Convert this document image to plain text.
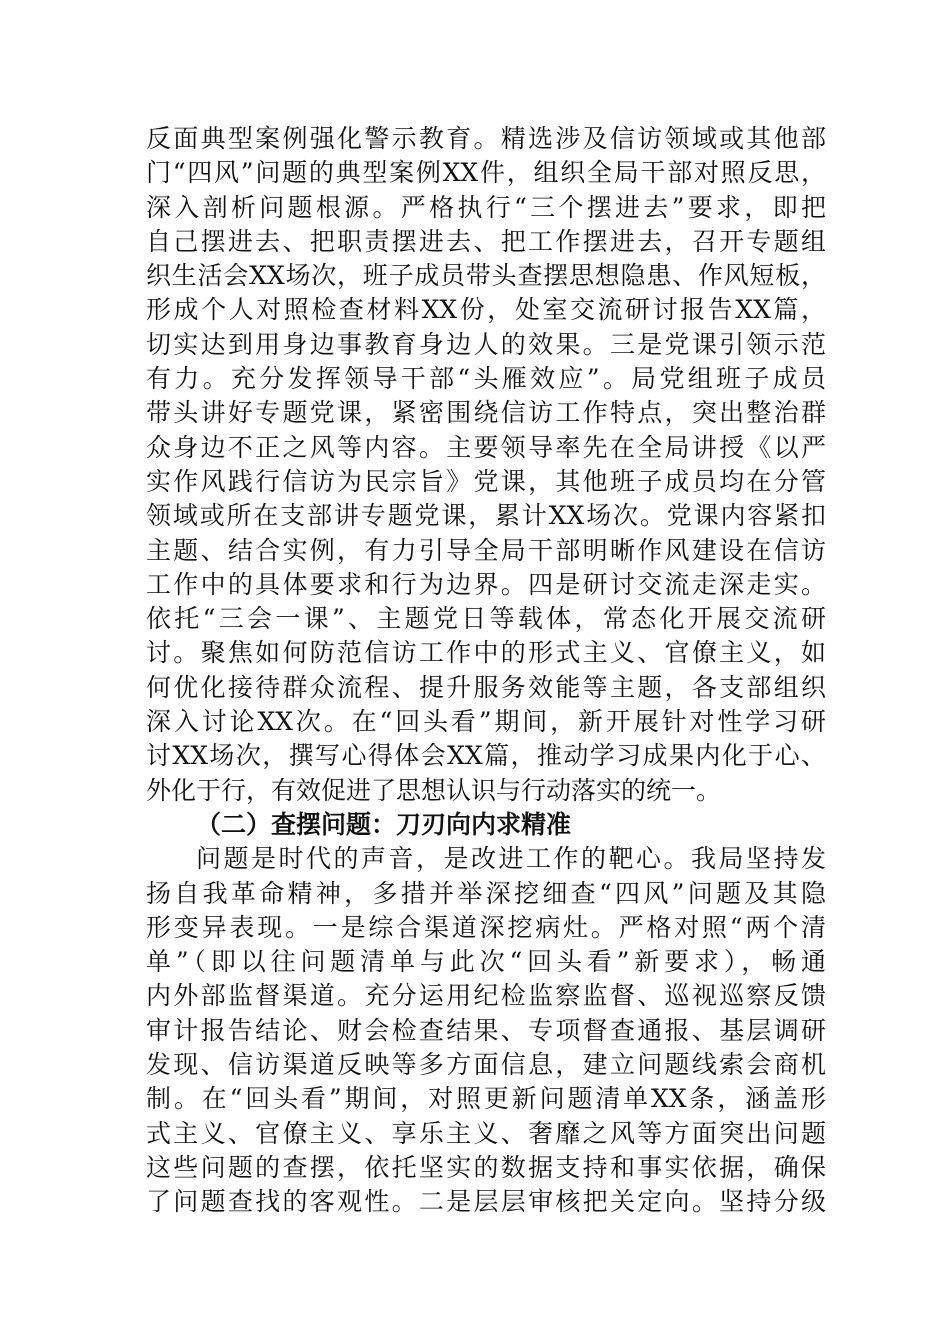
反面典型案例强化警示教育。精选涉及信访领域或其他部
门“四风”问题的典型案例XX件，组织全局干部对照反思，
深入剖析问题根源。严格执行“三个摆进去”要求，即把
自己摆进去、把职责摆进去、把工作摆进去，召开专题组
织生活会XX场次，班子成员带头查摆思想隐患、作风短板，
形成个人对照检查材料XX份，处室交流研讨报告XX篇，
切实达到用身边事教育身边人的效果。三是党课引领示范
有力。充分发挥领导干部“头雁效应”。局党组班子成员
带头讲好专题党课，紧密围绕信访工作特点，突出整治群
众身边不正之风等内容。主要领导率先在全局讲授《以严
实作风践行信访为民宗旨》党课，其他班子成员均在分管
领域或所在支部讲专题党课，累计XX场次。党课内容紧扣
主题、结合实例，有力引导全局干部明晰作风建设在信访
工作中的具体要求和行为边界。四是研讨交流走深走实。
依托“三会一课”、主题党日等载体，常态化开展交流研
讨。聚焦如何防范信访工作中的形式主义、官僚主义，如
何优化接待群众流程、提升服务效能等主题，各支部组织
深入讨论XX次。在“回头看”期间，新开展针对性学习研
讨XX场次，撰写心得体会XX篇，推动学习成果内化于心、
外化于行，有效促进了思想认识与行动落实的统一。
（二）查摆问题：刀刃向内求精准
问题是时代的声音，是改进工作的靶心。我局坚持发
扬自我革命精神，多措并举深挖细查“四风”问题及其隐
形变异表现。一是综合渠道深挖病灶。严格对照“两个清
单”（即以往问题清单与此次“回头看”新要求），畅通
内外部监督渠道。充分运用纪检监察监督、巡视巡察反馈
审计报告结论、财会检查结果、专项督查通报、基层调研
发现、信访渠道反映等多方面信息，建立问题线索会商机
制。在“回头看”期间，对照更新问题清单XX条，涵盖形
式主义、官僚主义、享乐主义、奢靡之风等方面突出问题
这些问题的查摆，依托坚实的数据支持和事实依据，确保
了问题查找的客观性。二是层层审核把关定向。坚持分级
